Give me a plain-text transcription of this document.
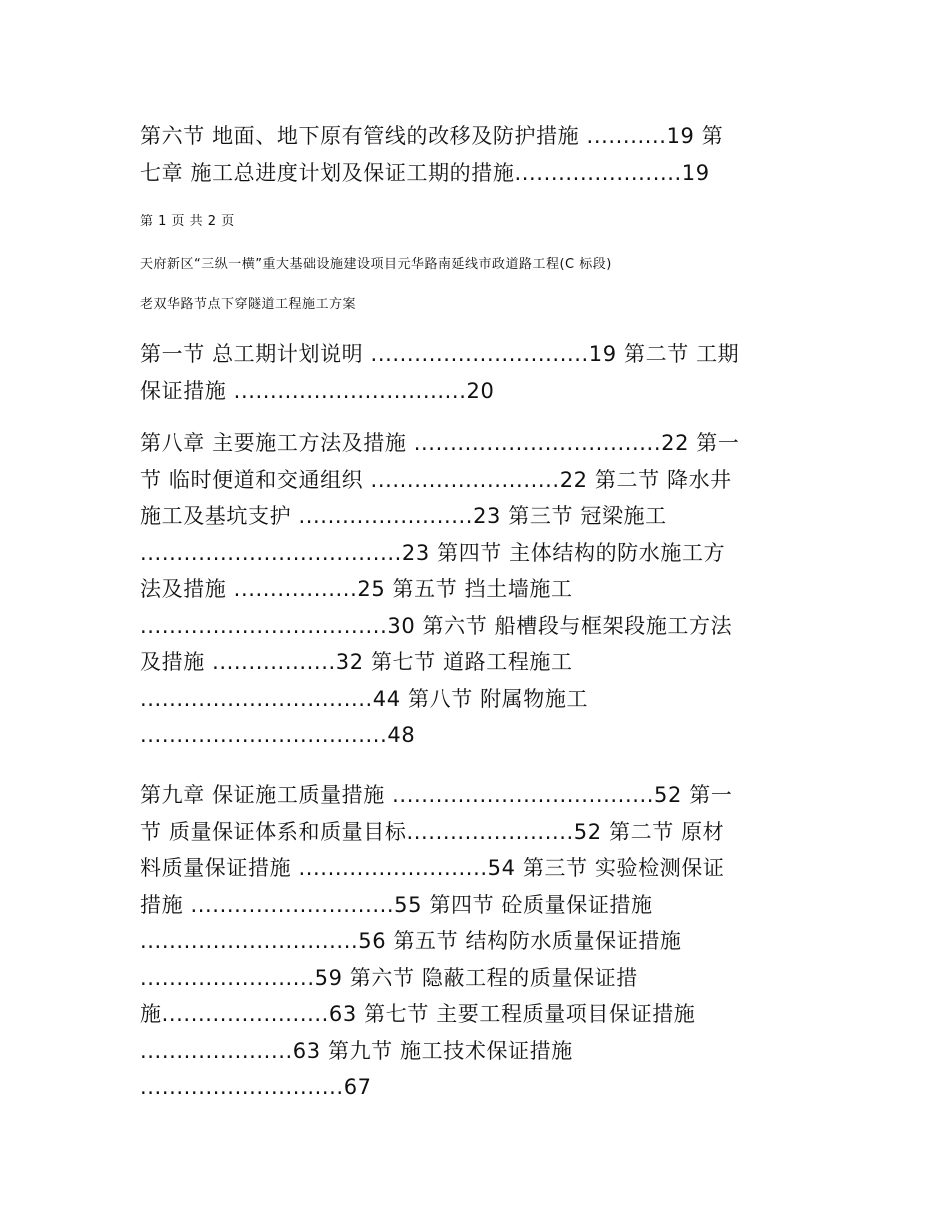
第六节 地面、地下原有管线的改移及防护措施 ...........19 第
七章 施工总进度计划及保证工期的措施.......................19
第 1 页 共 2 页
天府新区“三纵一横”重大基础设施建设项目元华路南延线市政道路工程(C 标段)
老双华路节点下穿隧道工程施工方案
第一节 总工期计划说明 ..............................19 第二节 工期
保证措施 ................................20
第八章 主要施工方法及措施 ..................................22 第一
节 临时便道和交通组织 ..........................22 第二节 降水井
施工及基坑支护 ........................23 第三节 冠梁施工
....................................23 第四节 主体结构的防水施工方
法及措施 .................25 第五节 挡土墙施工
..................................30 第六节 船槽段与框架段施工方法
及措施 .................32 第七节 道路工程施工
................................44 第八节 附属物施工
..................................48
第九章 保证施工质量措施 ....................................52 第一
节 质量保证体系和质量目标.......................52 第二节 原材
料质量保证措施 ..........................54 第三节 实验检测保证
措施 ............................55 第四节 砼质量保证措施
..............................56 第五节 结构防水质量保证措施
........................59 第六节 隐蔽工程的质量保证措
施.......................63 第七节 主要工程质量项目保证措施
.....................63 第九节 施工技术保证措施
............................67
